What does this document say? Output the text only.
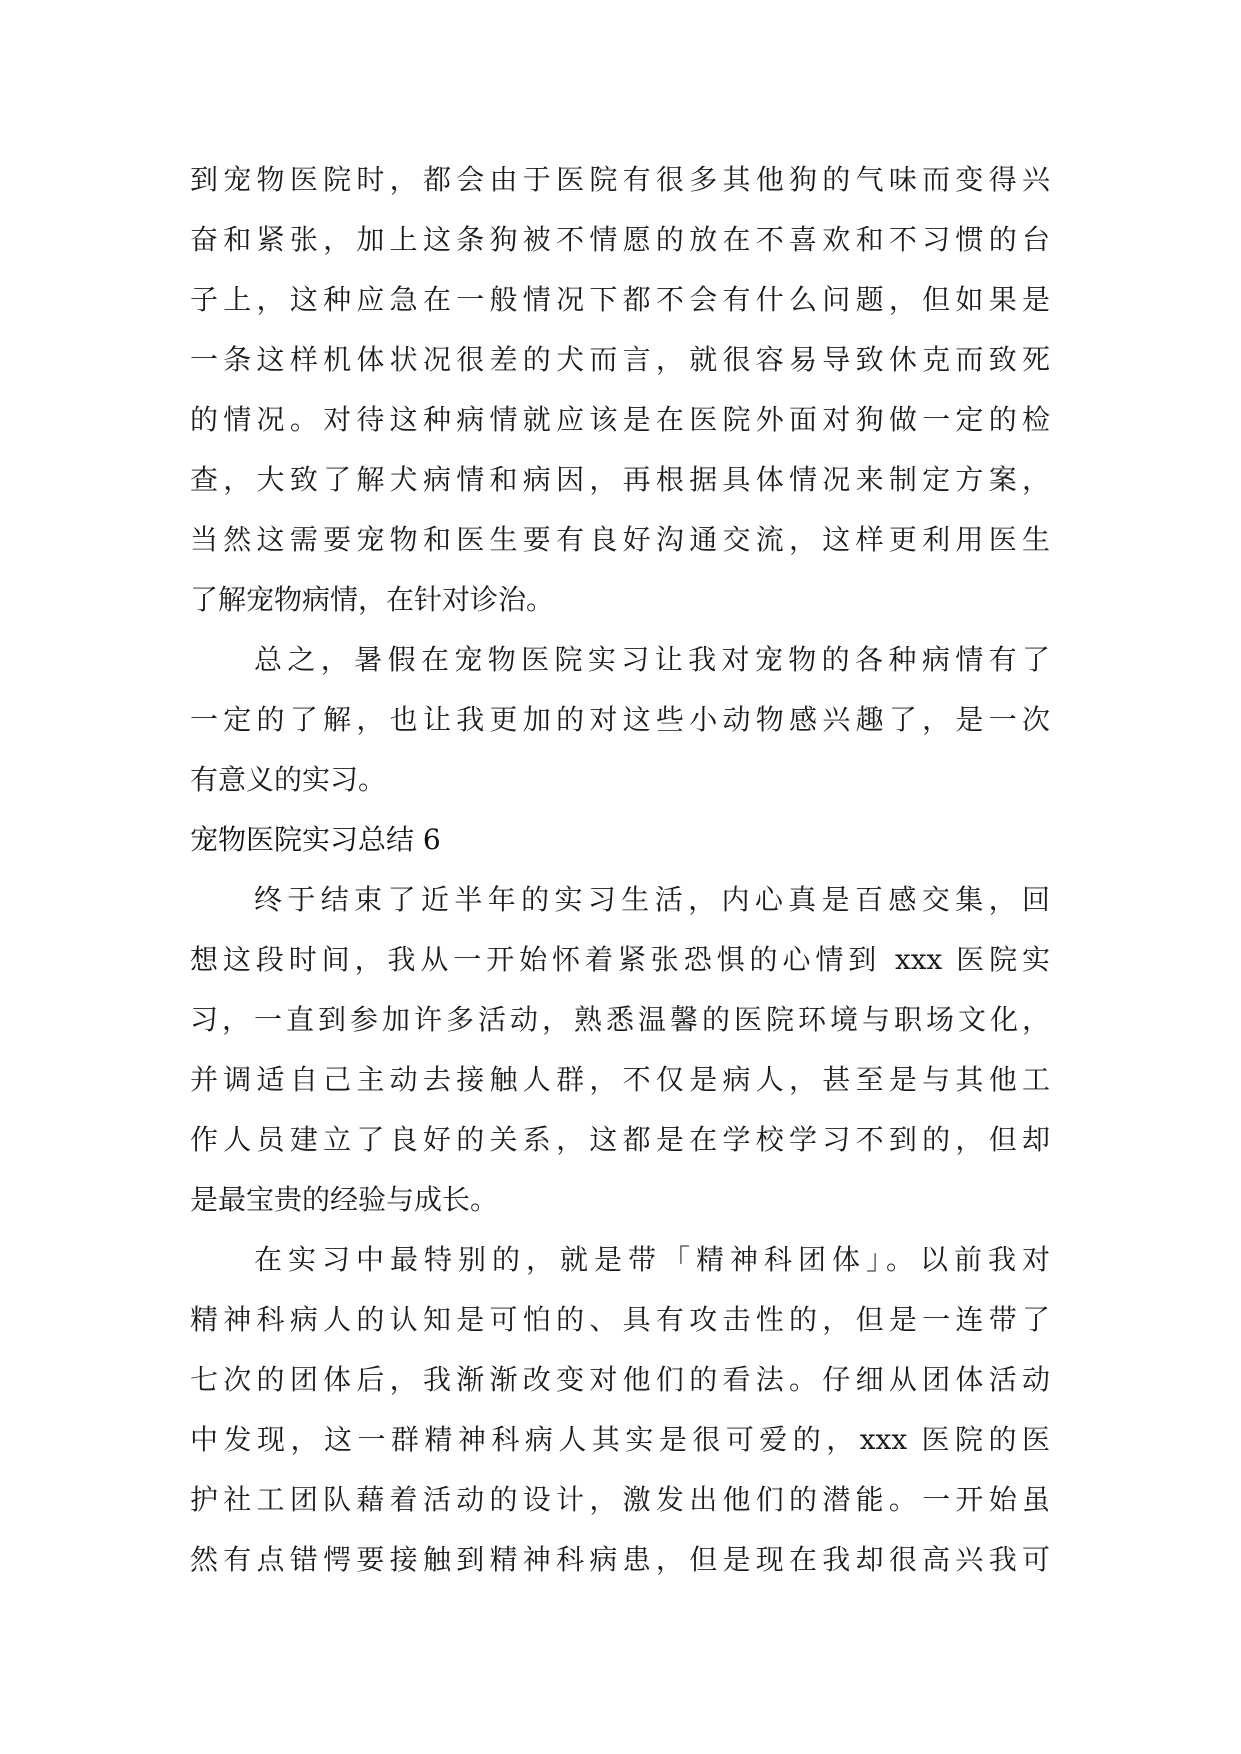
到宠物医院时，都会由于医院有很多其他狗的气味而变得兴
奋和紧张，加上这条狗被不情愿的放在不喜欢和不习惯的台
子上，这种应急在一般情况下都不会有什么问题，但如果是
一条这样机体状况很差的犬而言，就很容易导致休克而致死
的情况。对待这种病情就应该是在医院外面对狗做一定的检
查，大致了解犬病情和病因，再根据具体情况来制定方案，
当然这需要宠物和医生要有良好沟通交流，这样更利用医生
了解宠物病情，在针对诊治。
总之，暑假在宠物医院实习让我对宠物的各种病情有了
一定的了解，也让我更加的对这些小动物感兴趣了，是一次
有意义的实习。
宠物医院实习总结 6
终于结束了近半年的实习生活，内心真是百感交集，回
想这段时间，我从一开始怀着紧张恐惧的心情到 xxx 医院实
习，一直到参加许多活动，熟悉温馨的医院环境与职场文化，
并调适自己主动去接触人群，不仅是病人，甚至是与其他工
作人员建立了良好的关系，这都是在学校学习不到的，但却
是最宝贵的经验与成长。
在实习中最特别的，就是带「精神科团体」。以前我对
精神科病人的认知是可怕的、具有攻击性的，但是一连带了
七次的团体后，我渐渐改变对他们的看法。仔细从团体活动
中发现，这一群精神科病人其实是很可爱的，xxx 医院的医
护社工团队藉着活动的设计，激发出他们的潜能。一开始虽
然有点错愕要接触到精神科病患，但是现在我却很高兴我可
